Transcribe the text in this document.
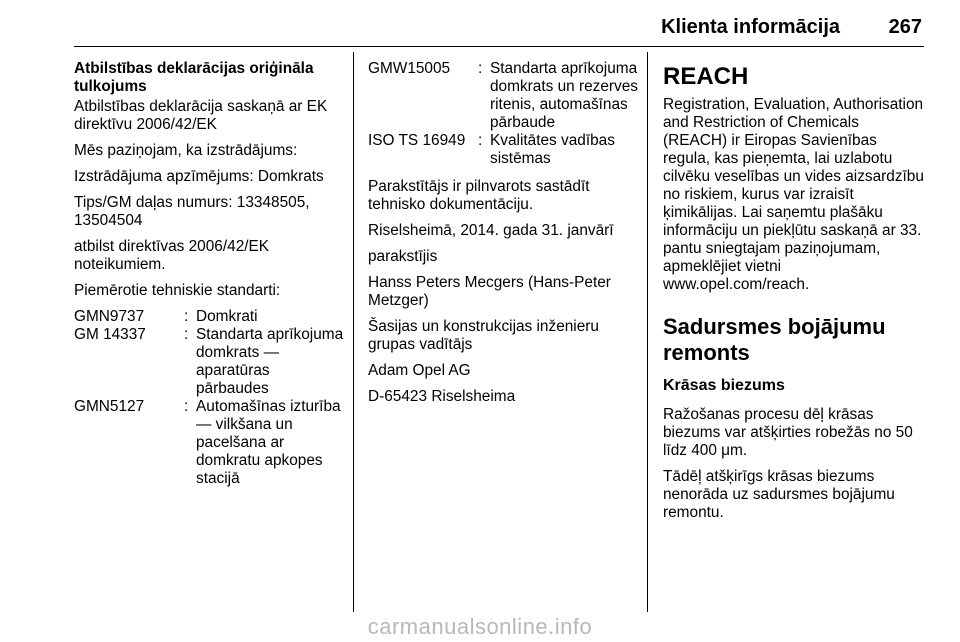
Klienta informācija 267

Atbilstības deklarācijas oriģināla tulkojums

Atbilstības deklarācija saskaņā ar EK direktīvu 2006/42/EK

Mēs paziņojam, ka izstrādājums:

Izstrādājuma apzīmējums: Domkrats

Tips/GM daļas numurs: 13348505, 13504504

atbilst direktīvas 2006/42/EK noteikumiem.

Piemērotie tehniskie standarti:

GMN9737	:	Domkrati
GM 14337	:	Standarta aprīkojuma domkrats — aparatūras pārbaudes
GMN5127	:	Automašīnas izturība — vilkšana un pacelšana ar domkratu apkopes stacijā
GMW15005	:	Standarta aprīkojuma domkrats un rezerves ritenis, automašīnas pārbaude
ISO TS 16949	:	Kvalitātes vadības sistēmas

Parakstītājs ir pilnvarots sastādīt tehnisko dokumentāciju.

Riselsheimā, 2014. gada 31. janvārī

parakstījis

Hanss Peters Mecgers (Hans-Peter Metzger)

Šasijas un konstrukcijas inženieru grupas vadītājs

Adam Opel AG

D-65423 Riselsheima

REACH

Registration, Evaluation, Authorisation and Restriction of Chemicals (REACH) ir Eiropas Savienības regula, kas pieņemta, lai uzlabotu cilvēku veselības un vides aizsardzību no riskiem, kurus var izraisīt ķimikālijas. Lai saņemtu plašāku informāciju un piekļūtu saskaņā ar 33. pantu sniegtajam paziņojumam, apmeklējiet vietni www.opel.com/reach.

Sadursmes bojājumu remonts
Krāsas biezums

Ražošanas procesu dēļ krāsas biezums var atšķirties robežās no 50 līdz 400 μm.

Tādēļ atšķirīgs krāsas biezums nenorāda uz sadursmes bojājumu remontu.

carmanualsonline.info
